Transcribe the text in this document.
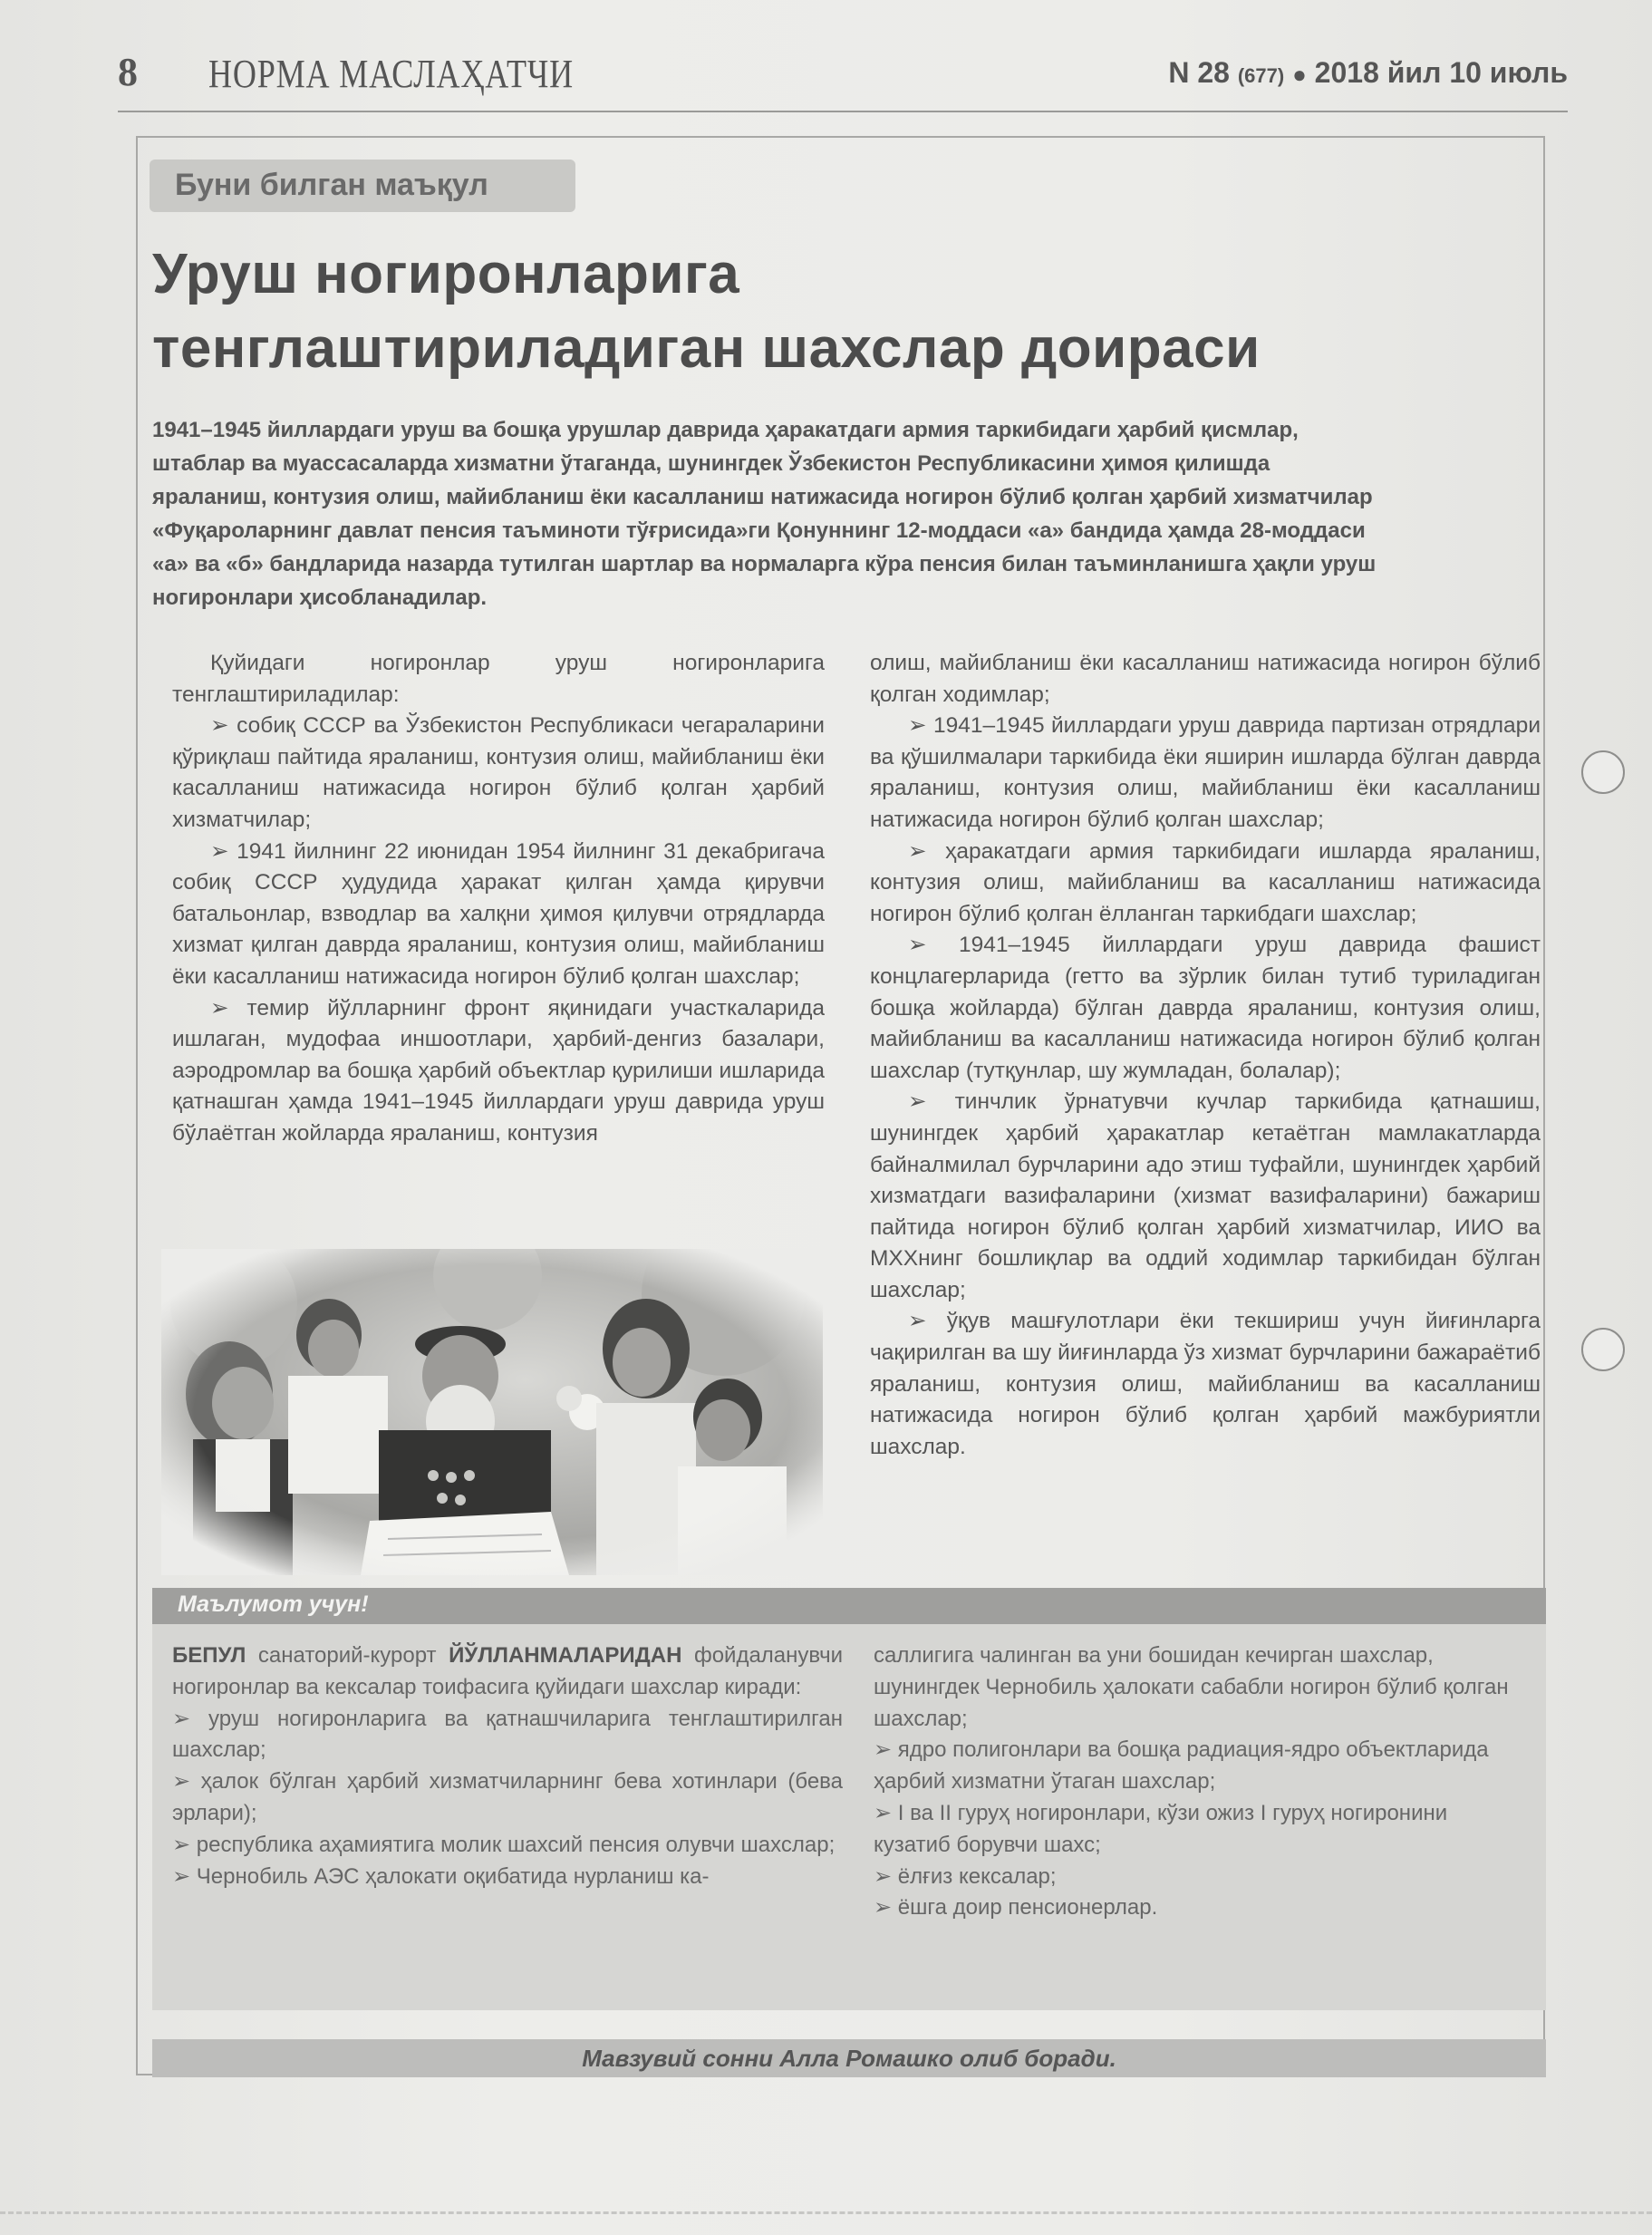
8 НОРМА МАСЛАҲАТЧИ	N 28 (677) ● 2018 йил 10 июль
Буни билган маъқул
Уруш ногиронларига
тенглаштириладиган шахслар доираси
1941–1945 йиллардаги уруш ва бошқа урушлар даврида ҳаракатдаги армия таркибидаги ҳарбий қисмлар, штаблар ва муассасаларда хизматни ўтаганда, шунингдек Ўзбекистон Республикасини ҳимоя қилишда яраланиш, контузия олиш, майибланиш ёки касалланиш натижасида ногирон бўлиб қолган ҳарбий хизматчилар «Фуқароларнинг давлат пенсия таъминоти тўғрисида»ги Қонуннинг 12-моддаси «а» бандида ҳамда 28-моддаси «а» ва «б» бандларида назарда тутилган шартлар ва нормаларга кўра пенсия билан таъминланишга ҳақли уруш ногиронлари ҳисобланадилар.

Қуйидаги ногиронлар уруш ногиронларига тенглаштириладилар:

➢ собиқ СССР ва Ўзбекистон Республикаси чегараларини қўриқлаш пайтида яраланиш, контузия олиш, майибланиш ёки касалланиш натижасида ногирон бўлиб қолган ҳарбий хизматчилар;

➢ 1941 йилнинг 22 июнидан 1954 йилнинг 31 декабригача собиқ СССР ҳудудида ҳаракат қилган ҳамда қирувчи батальонлар, взводлар ва халқни ҳимоя қилувчи отрядларда хизмат қилган даврда яраланиш, контузия олиш, майибланиш ёки касалланиш натижасида ногирон бўлиб қолган шахслар;

➢ темир йўлларнинг фронт яқинидаги участкаларида ишлаган, мудофаа иншоотлари, ҳарбий-денгиз базалари, аэродромлар ва бошқа ҳарбий объектлар қурилиши ишларида қатнашган ҳамда 1941–1945 йиллардаги уруш даврида уруш бўлаётган жойларда яраланиш, контузия

олиш, майибланиш ёки касалланиш натижасида ногирон бўлиб қолган ходимлар;

➢ 1941–1945 йиллардаги уруш даврида партизан отрядлари ва қўшилмалари таркибида ёки яширин ишларда бўлган даврда яраланиш, контузия олиш, майибланиш ёки касалланиш натижасида ногирон бўлиб қолган шахслар;

➢ ҳаракатдаги армия таркибидаги ишларда яраланиш, контузия олиш, майибланиш ва касалланиш натижасида ногирон бўлиб қолган ёлланган таркибдаги шахслар;

➢ 1941–1945 йиллардаги уруш даврида фашист концлагерларида (гетто ва зўрлик билан тутиб туриладиган бошқа жойларда) бўлган даврда яраланиш, контузия олиш, майибланиш ва касалланиш натижасида ногирон бўлиб қолган шахслар (тутқунлар, шу жумладан, болалар);

➢ тинчлик ўрнатувчи кучлар таркибида қатнашиш, шунингдек ҳарбий ҳаракатлар кетаётган мамлакатларда байналмилал бурчларини адо этиш туфайли, шунингдек ҳарбий хизматдаги вазифаларини (хизмат вазифаларини) бажариш пайтида ногирон бўлиб қолган ҳарбий хизматчилар, ИИО ва МХХнинг бошлиқлар ва оддий ходимлар таркибидан бўлган шахслар;

➢ ўқув машғулотлари ёки текшириш учун йиғинларга чақирилган ва шу йиғинларда ўз хизмат бурчларини бажараётиб яраланиш, контузия олиш, майибланиш ва касалланиш натижасида ногирон бўлиб қолган ҳарбий мажбуриятли шахслар.

Маълумот учун!

БЕПУЛ санаторий-курорт ЙЎЛЛАНМАЛАРИДАН фойдаланувчи ногиронлар ва кексалар тоифасига қуйидаги шахслар киради:

➢ уруш ногиронларига ва қатнашчиларига тенглаштирилган шахслар;

➢ ҳалок бўлган ҳарбий хизматчиларнинг бева хотинлари (бева эрлари);

➢ республика аҳамиятига молик шахсий пенсия олувчи шахслар;

➢ Чернобиль АЭС ҳалокати оқибатида нурланиш ка-

саллигига чалинган ва уни бошидан кечирган шахслар, шунингдек Чернобиль ҳалокати сабабли ногирон бўлиб қолган шахслар;

➢ ядро полигонлари ва бошқа радиация-ядро объектларида ҳарбий хизматни ўтаган шахслар;

➢ I ва II гуруҳ ногиронлари, кўзи ожиз I гуруҳ ногиронини кузатиб борувчи шахс;

➢ ёлғиз кексалар;

➢ ёшга доир пенсионерлар.

Мавзувий сонни Алла Ромашко олиб боради.
